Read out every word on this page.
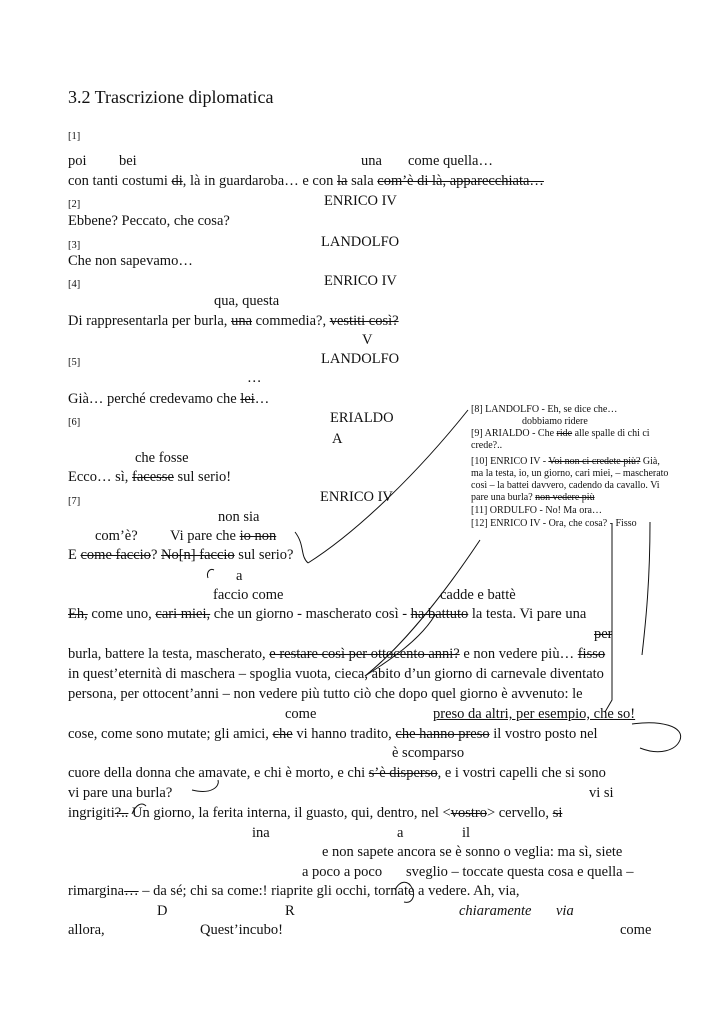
3.2 Trascrizione diplomatica
[1]
poi bei	una come quella…
con tanti costumi di, là in guardaroba… e con la sala com’è di là, apparecchiata…
[2]	ENRICO IV
Ebbene? Peccato, che cosa?
[3]	LANDOLFO
Che non sapevamo…
[4]	ENRICO IV
qua, questa
Di rappresentarla per burla, una commedia?, vestiti così?
V
[5]	LANDOLFO
…
Già… perché credevamo che lei…
[6]	ERIALDO
A
che fosse
Ecco… sì, facesse sul serio!
[7]	ENRICO IV
non sia
com’è? Vi pare che io non
E come faccio? No[n] faccio sul serio?
a
faccio come	cadde e battè
Eh, come uno, cari miei, che un giorno - mascherato così - ha battuto la testa. Vi pare una
per
burla, battere la testa, mascherato, e restare così per ottocento anni? e non vedere più… fisso
in quest’eternità di maschera – spoglia vuota, cieca, abito d’un giorno di carnevale diventato
persona, per ottocent’anni – non vedere più tutto ciò che dopo quel giorno è avvenuto: le
come	preso da altri, per esempio, che so!
cose, come sono mutate; gli amici, che vi hanno tradito, che hanno preso il vostro posto nel
è scomparso
cuore della donna che amavate, e chi è morto, e chi s’è disperso, e i vostri capelli che si sono
vi pare una burla?	vi si
ingrigiti?.. Un giorno, la ferita interna, il guasto, qui, dentro, nel <vostro> cervello, si
ina	a	il
e non sapete ancora se è sonno o veglia: ma sì, siete
a poco a poco sveglio – toccate questa cosa e quella –
rimargina… – da sé; chi sa come:! riaprite gli occhi, tornate a vedere. Ah, via,
D	R	chiaramente via
allora,	Quest’incubo!	come
[8] LANDOLFO - Eh, se dice che…
dobbiamo ridere
[9] ARIALDO - Che ride alle spalle di chi ci
crede?..
[10] ENRICO IV - Voi non ci credete più? Già,
ma la testa, io, un giorno, cari miei, – mascherato
così – la battei davvero, cadendo da cavallo. Vi
pare una burla? non vedere più
[11] ORDULFO - No! Ma ora…
[12] ENRICO IV - Ora, che cosa? - Fisso
